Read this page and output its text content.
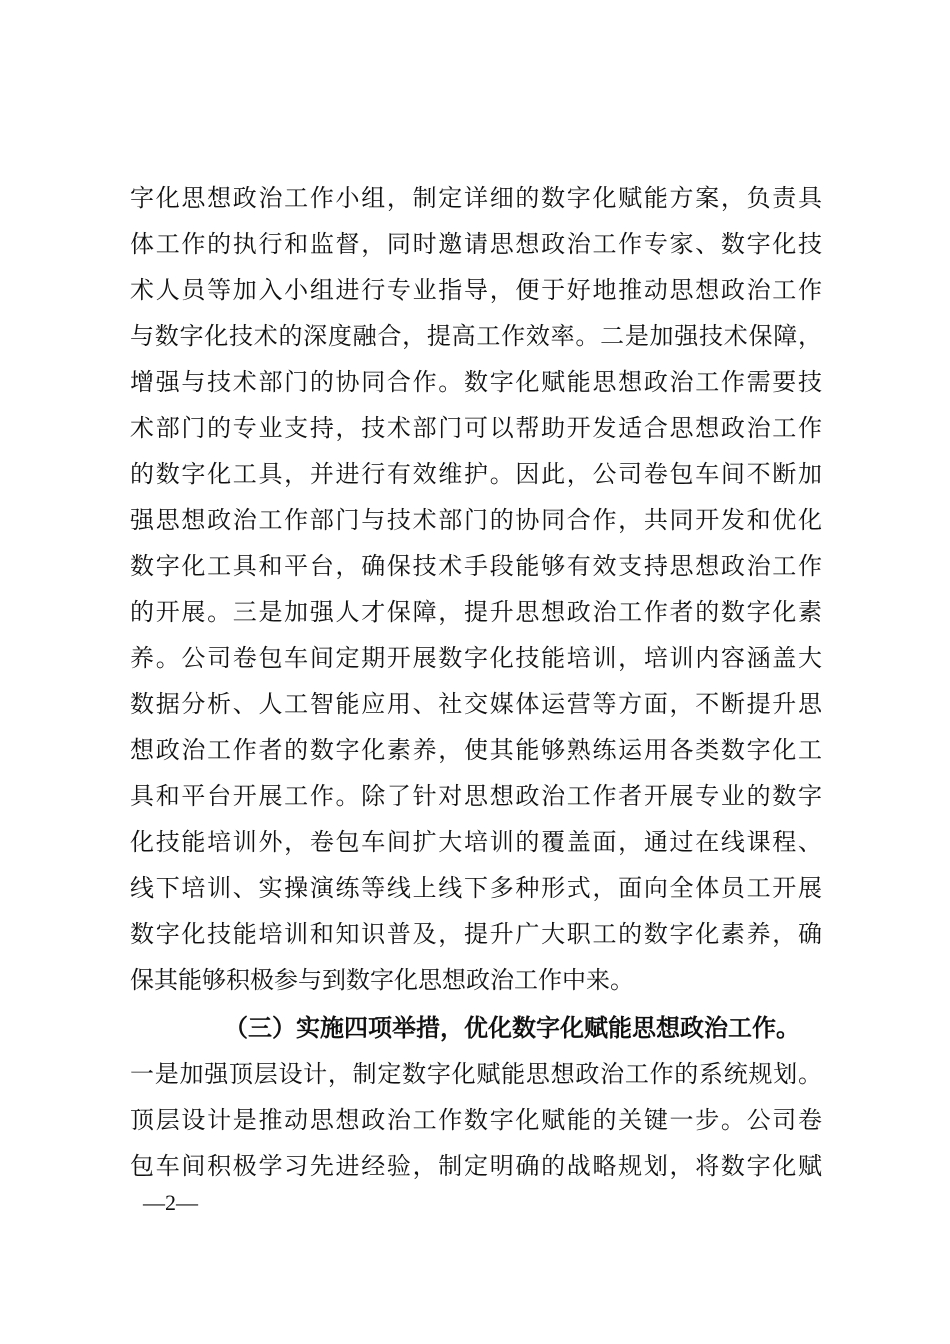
字化思想政治工作小组，制定详细的数字化赋能方案，负责具
体工作的执行和监督，同时邀请思想政治工作专家、数字化技
术人员等加入小组进行专业指导，便于好地推动思想政治工作
与数字化技术的深度融合，提高工作效率。二是加强技术保障，
增强与技术部门的协同合作。数字化赋能思想政治工作需要技
术部门的专业支持，技术部门可以帮助开发适合思想政治工作
的数字化工具，并进行有效维护。因此，公司卷包车间不断加
强思想政治工作部门与技术部门的协同合作，共同开发和优化
数字化工具和平台，确保技术手段能够有效支持思想政治工作
的开展。三是加强人才保障，提升思想政治工作者的数字化素
养。公司卷包车间定期开展数字化技能培训，培训内容涵盖大
数据分析、人工智能应用、社交媒体运营等方面，不断提升思
想政治工作者的数字化素养，使其能够熟练运用各类数字化工
具和平台开展工作。除了针对思想政治工作者开展专业的数字
化技能培训外，卷包车间扩大培训的覆盖面，通过在线课程、
线下培训、实操演练等线上线下多种形式，面向全体员工开展
数字化技能培训和知识普及，提升广大职工的数字化素养，确
保其能够积极参与到数字化思想政治工作中来。
（三）实施四项举措，优化数字化赋能思想政治工作。
一是加强顶层设计，制定数字化赋能思想政治工作的系统规划。
顶层设计是推动思想政治工作数字化赋能的关键一步。公司卷
包车间积极学习先进经验，制定明确的战略规划，将数字化赋
—2—
